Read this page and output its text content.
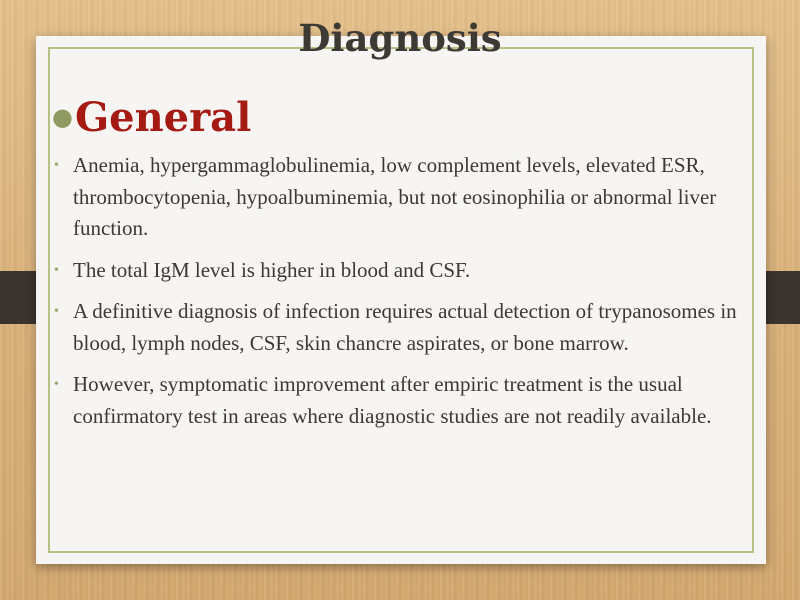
Diagnosis
●General
• Anemia, hypergammaglobulinemia, low complement levels, elevated ESR, thrombocytopenia, hypoalbuminemia, but not eosinophilia or abnormal liver function.
• The total IgM level is higher in blood and CSF.
• A definitive diagnosis of infection requires actual detection of trypanosomes in blood, lymph nodes, CSF, skin chancre aspirates, or bone marrow.
• However, symptomatic improvement after empiric treatment is the usual confirmatory test in areas where diagnostic studies are not readily available.
